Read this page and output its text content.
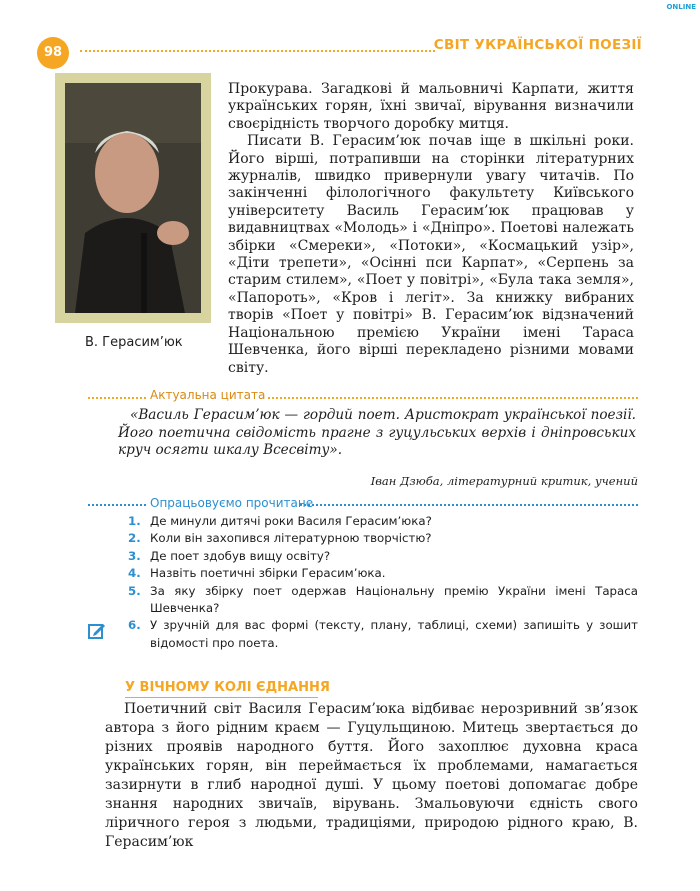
98	СВІТ УКРАЇНСЬКОЇ ПОЕЗІЇ
ONLINE
В. Герасим’юк

Прокурава. Загадкові й мальовничі Карпати, життя українських горян, їхні звичаї, вірування визначили своєрідність творчого доробку митця.

Писати В. Герасим’юк почав іще в шкільні роки. Його вірші, потрапивши на сторінки літературних журналів, швидко привернули увагу читачів. По закінченні філологічного факультету Київського університету Василь Герасим’юк працював у видавництвах «Молодь» і «Дніпро». Поетові належать збірки «Смереки», «Потоки», «Космацький узір», «Діти трепети», «Осінні пси Карпат», «Серпень за старим стилем», «Поет у повітрі», «Була така земля», «Папороть», «Кров і легіт». За книжку вибраних творів «Поет у повітрі» В. Герасим’юк відзначений Національною премією України імені Тараса Шевченка, його вірші перекладено різними мовами світу.

Актуальна цитата
«Василь Герасим’юк — гордий поет. Аристократ української поезії. Його поетична свідомість прагне з гуцульських верхів і дніпровських круч осягти шкалу Всесвіту».
Іван Дзюба, літературний критик, учений
Опрацьовуємо прочитане
1. Де минули дитячі роки Василя Герасим’юка?
2. Коли він захопився літературною творчістю?
3. Де поет здобув вищу освіту?
4. Назвіть поетичні збірки Герасим’юка.
5. За яку збірку поет одержав Національну премію України імені Тараса Шевченка?
6. У зручній для вас формі (тексту, плану, таблиці, схеми) запишіть у зошит відомості про поета.
У ВІЧНОМУ КОЛІ ЄДНАННЯ
Поетичний світ Василя Герасим’юка відбиває нерозривний зв’язок автора з його рідним краєм — Гуцульщиною. Митець звертається до різних проявів народного буття. Його захоплює духовна краса українських горян, він переймається їх проблемами, намагається зазирнути в глиб народної душі. У цьому поетові допомагає добре знання народних звичаїв, вірувань. Змальовуючи єдність свого ліричного героя з людьми, традиціями, природою рідного краю, В. Герасим’юк
